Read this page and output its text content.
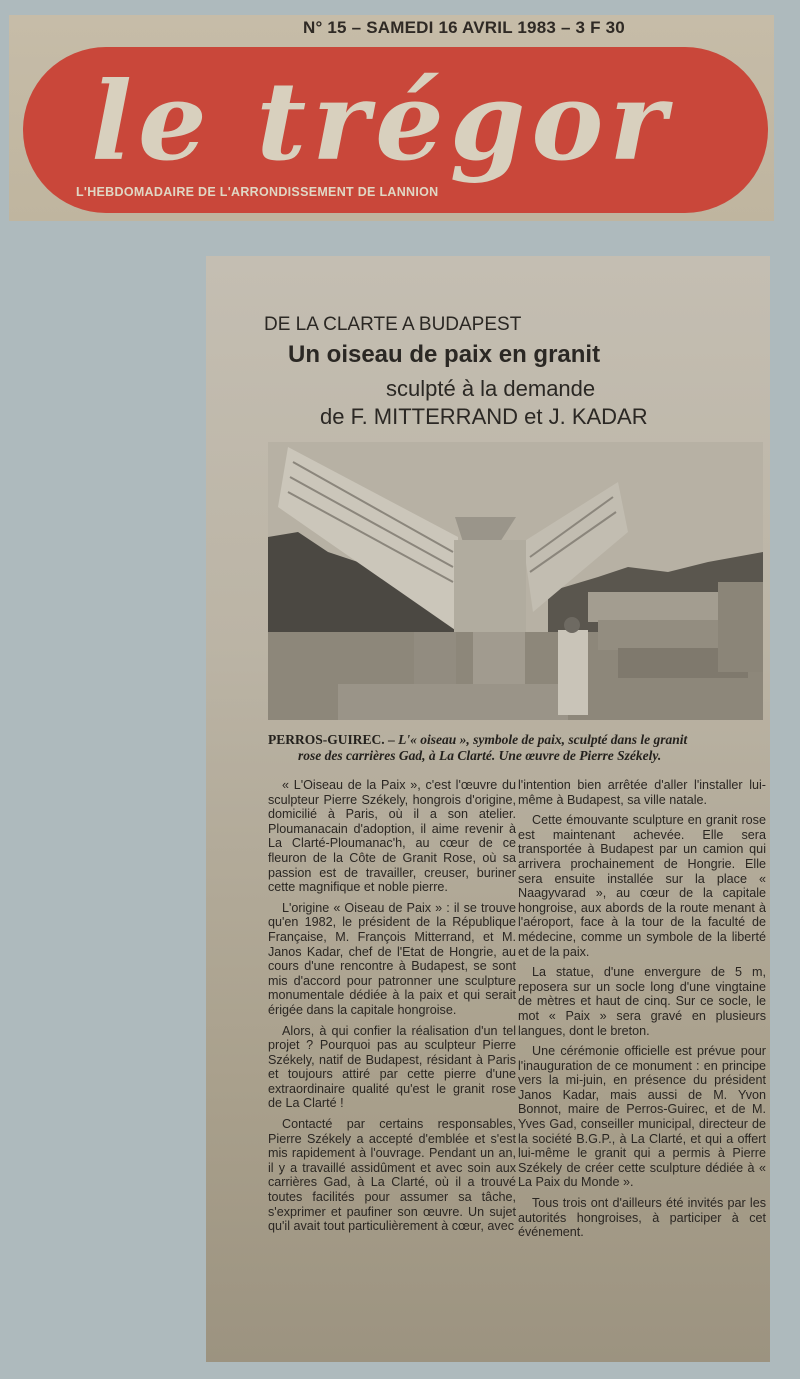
N° 15 – SAMEDI 16 AVRIL 1983 – 3 F 30
le trégor
L'HEBDOMADAIRE DE L'ARRONDISSEMENT DE LANNION
DE LA CLARTE A BUDAPEST
Un oiseau de paix en granit
sculpté à la demande
de F. MITTERRAND et J. KADAR
PERROS-GUIREC. – L'« oiseau », symbole de paix, sculpté dans le granit
rose des carrières Gad, à La Clarté. Une œuvre de Pierre Székely.

« L'Oiseau de la Paix », c'est l'œuvre du sculpteur Pierre Székely, hongrois d'origine, domicilié à Paris, où il a son atelier. Ploumanacain d'adoption, il aime revenir à La Clarté-Ploumanac'h, au cœur de ce fleuron de la Côte de Granit Rose, où sa passion est de travailler, creuser, buriner cette magnifique et noble pierre.

L'origine « Oiseau de Paix » : il se trouve qu'en 1982, le président de la République Française, M. François Mitterrand, et M. Janos Kadar, chef de l'Etat de Hongrie, au cours d'une rencontre à Budapest, se sont mis d'accord pour patronner une sculpture monumentale dédiée à la paix et qui serait érigée dans la capitale hongroise.

Alors, à qui confier la réalisation d'un tel projet ? Pourquoi pas au sculpteur Pierre Székely, natif de Budapest, résidant à Paris et toujours attiré par cette pierre d'une extraordinaire qualité qu'est le granit rose de La Clarté !

Contacté par certains responsables, Pierre Székely a accepté d'emblée et s'est mis rapidement à l'ouvrage. Pendant un an, il y a travaillé assidûment et avec soin aux carrières Gad, à La Clarté, où il a trouvé toutes facilités pour assumer sa tâche, s'exprimer et paufiner son œuvre. Un sujet qu'il avait tout particulièrement à cœur, avec

l'intention bien arrêtée d'aller l'installer lui-même à Budapest, sa ville natale.

Cette émouvante sculpture en granit rose est maintenant achevée. Elle sera transportée à Budapest par un camion qui arrivera prochainement de Hongrie. Elle sera ensuite installée sur la place « Naagyvarad », au cœur de la capitale hongroise, aux abords de la route menant à l'aéroport, face à la tour de la faculté de médecine, comme un symbole de la liberté et de la paix.

La statue, d'une envergure de 5 m, reposera sur un socle long d'une vingtaine de mètres et haut de cinq. Sur ce socle, le mot « Paix » sera gravé en plusieurs langues, dont le breton.

Une cérémonie officielle est prévue pour l'inauguration de ce monument : en principe vers la mi-juin, en présence du président Janos Kadar, mais aussi de M. Yvon Bonnot, maire de Perros-Guirec, et de M. Yves Gad, conseiller municipal, directeur de la société B.G.P., à La Clarté, et qui a offert lui-même le granit qui a permis à Pierre Székely de créer cette sculpture dédiée à « La Paix du Monde ».

Tous trois ont d'ailleurs été invités par les autorités hongroises, à participer à cet événement.
